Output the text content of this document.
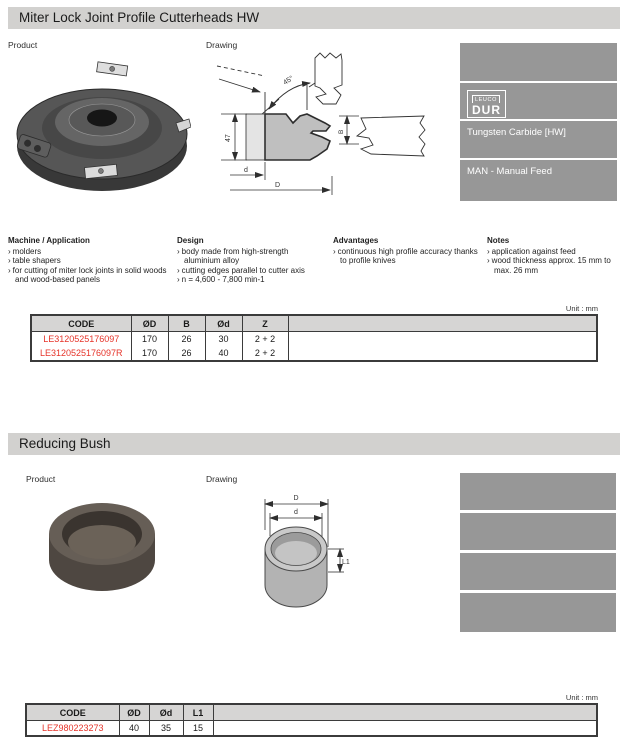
Miter Lock Joint Profile Cutterheads HW
Product	Drawing
45°
47
d
D
B
LEUCO
DUR
Tungsten Carbide [HW]
MAN - Manual Feed
Machine / Application
› molders
› table shapers
› for cutting of miter lock joints in solid woods and wood-based panels
Design
› body made from high-strength aluminium alloy
› cutting edges parallel to cutter axis
› n = 4,600 - 7,800 min-1
Advantages
› continuous high profile accuracy thanks to profile knives
Notes
› application against feed
› wood thickness approx. 15 mm to max. 26 mm
Unit : mm
CODE	ØD	B	Ød	Z	
LE3120525176097	170	26	30	2 + 2	
LE3120525176097R	170	26	40	2 + 2	
Reducing Bush
Product	Drawing
D
d
L1
Unit : mm
CODE	ØD	Ød	L1	
LEZ980223273	40	35	15	
